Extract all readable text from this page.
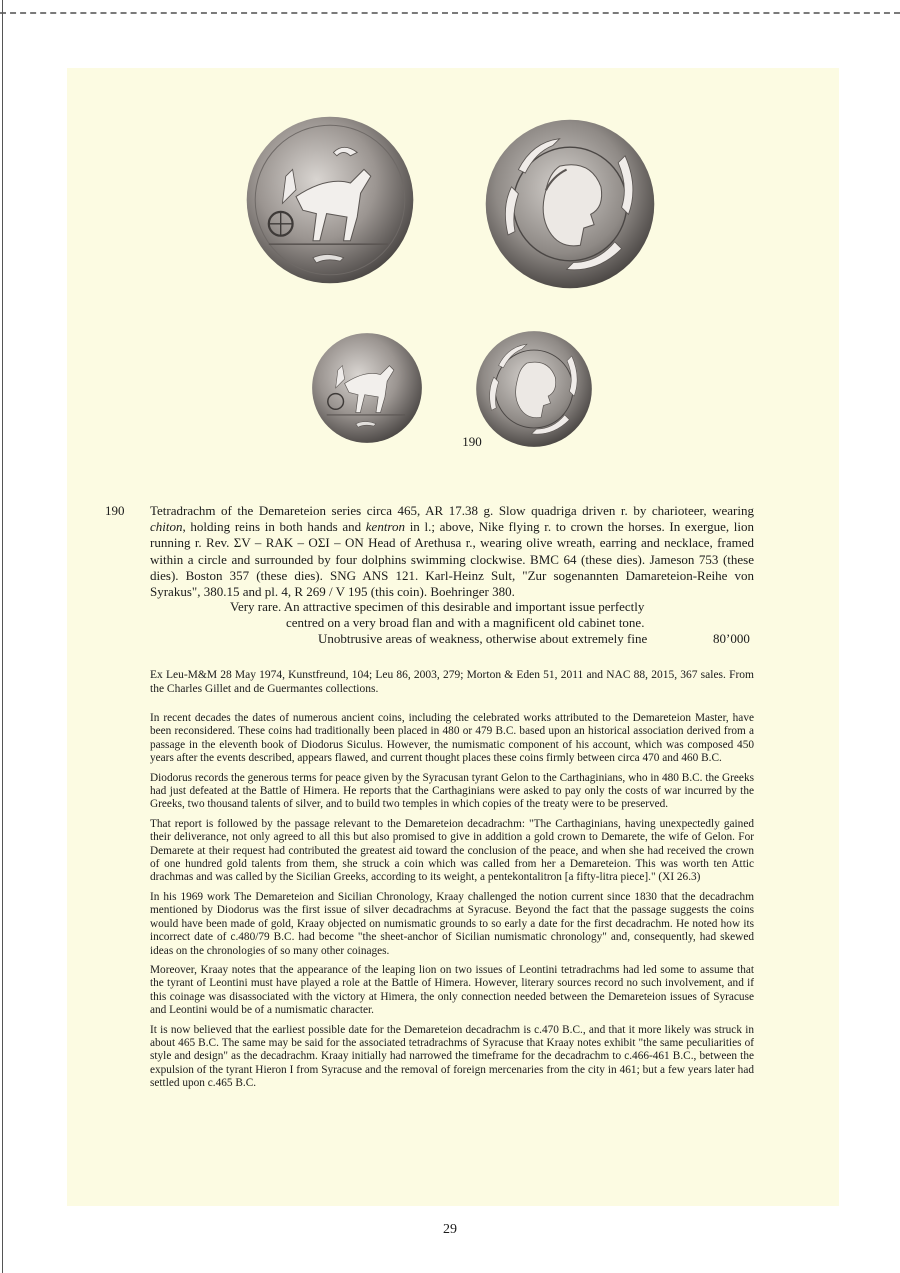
190
190 Tetradrachm of the Demareteion series circa 465, AR 17.38 g. Slow quadriga driven r. by charioteer, wearing chiton, holding reins in both hands and kentron in l.; above, Nike flying r. to crown the horses. In exergue, lion running r. Rev. ΣV – RAK – OΣI – ON Head of Arethusa r., wearing olive wreath, earring and necklace, framed within a circle and surrounded by four dolphins swimming clockwise. BMC 64 (these dies). Jameson 753 (these dies). Boston 357 (these dies). SNG ANS 121. Karl-Heinz Sult, "Zur sogenannten Damareteion-Reihe von Syrakus", 380.15 and pl. 4, R 269 / V 195 (this coin). Boehringer 380.
Very rare. An attractive specimen of this desirable and important issue perfectly
centred on a very broad flan and with a magnificent old cabinet tone.
Unobtrusive areas of weakness, otherwise about extremely fine	80’000
Ex Leu-M&M 28 May 1974, Kunstfreund, 104; Leu 86, 2003, 279; Morton & Eden 51, 2011 and NAC 88, 2015, 367 sales. From the Charles Gillet and de Guermantes collections.

In recent decades the dates of numerous ancient coins, including the celebrated works attributed to the Demareteion Master, have been reconsidered. These coins had traditionally been placed in 480 or 479 B.C. based upon an historical association derived from a passage in the eleventh book of Diodorus Siculus. However, the numismatic component of his account, which was composed 450 years after the events described, appears flawed, and current thought places these coins firmly between circa 470 and 460 B.C.

Diodorus records the generous terms for peace given by the Syracusan tyrant Gelon to the Carthaginians, who in 480 B.C. the Greeks had just defeated at the Battle of Himera. He reports that the Carthaginians were asked to pay only the costs of war incurred by the Greeks, two thousand talents of silver, and to build two temples in which copies of the treaty were to be preserved.

That report is followed by the passage relevant to the Demareteion decadrachm: "The Carthaginians, having unexpectedly gained their deliverance, not only agreed to all this but also promised to give in addition a gold crown to Demarete, the wife of Gelon. For Demarete at their request had contributed the greatest aid toward the conclusion of the peace, and when she had received the crown of one hundred gold talents from them, she struck a coin which was called from her a Demareteion. This was worth ten Attic drachmas and was called by the Sicilian Greeks, according to its weight, a pentekontalitron [a fifty-litra piece]." (XI 26.3)

In his 1969 work The Demareteion and Sicilian Chronology, Kraay challenged the notion current since 1830 that the decadrachm mentioned by Diodorus was the first issue of silver decadrachms at Syracuse. Beyond the fact that the passage suggests the coins would have been made of gold, Kraay objected on numismatic grounds to so early a date for the first decadrachm. He noted how its incorrect date of c.480/79 B.C. had become "the sheet-anchor of Sicilian numismatic chronology" and, consequently, had skewed ideas on the chronologies of so many other coinages.

Moreover, Kraay notes that the appearance of the leaping lion on two issues of Leontini tetradrachms had led some to assume that the tyrant of Leontini must have played a role at the Battle of Himera. However, literary sources record no such involvement, and if this coinage was disassociated with the victory at Himera, the only connection needed between the Demareteion issues of Syracuse and Leontini would be of a numismatic character.

It is now believed that the earliest possible date for the Demareteion decadrachm is c.470 B.C., and that it more likely was struck in about 465 B.C. The same may be said for the associated tetradrachms of Syracuse that Kraay notes exhibit "the same peculiarities of style and design" as the decadrachm. Kraay initially had narrowed the timeframe for the decadrachm to c.466-461 B.C., between the expulsion of the tyrant Hieron I from Syracuse and the removal of foreign mercenaries from the city in 461; but a few years later had settled upon c.465 B.C.

29
